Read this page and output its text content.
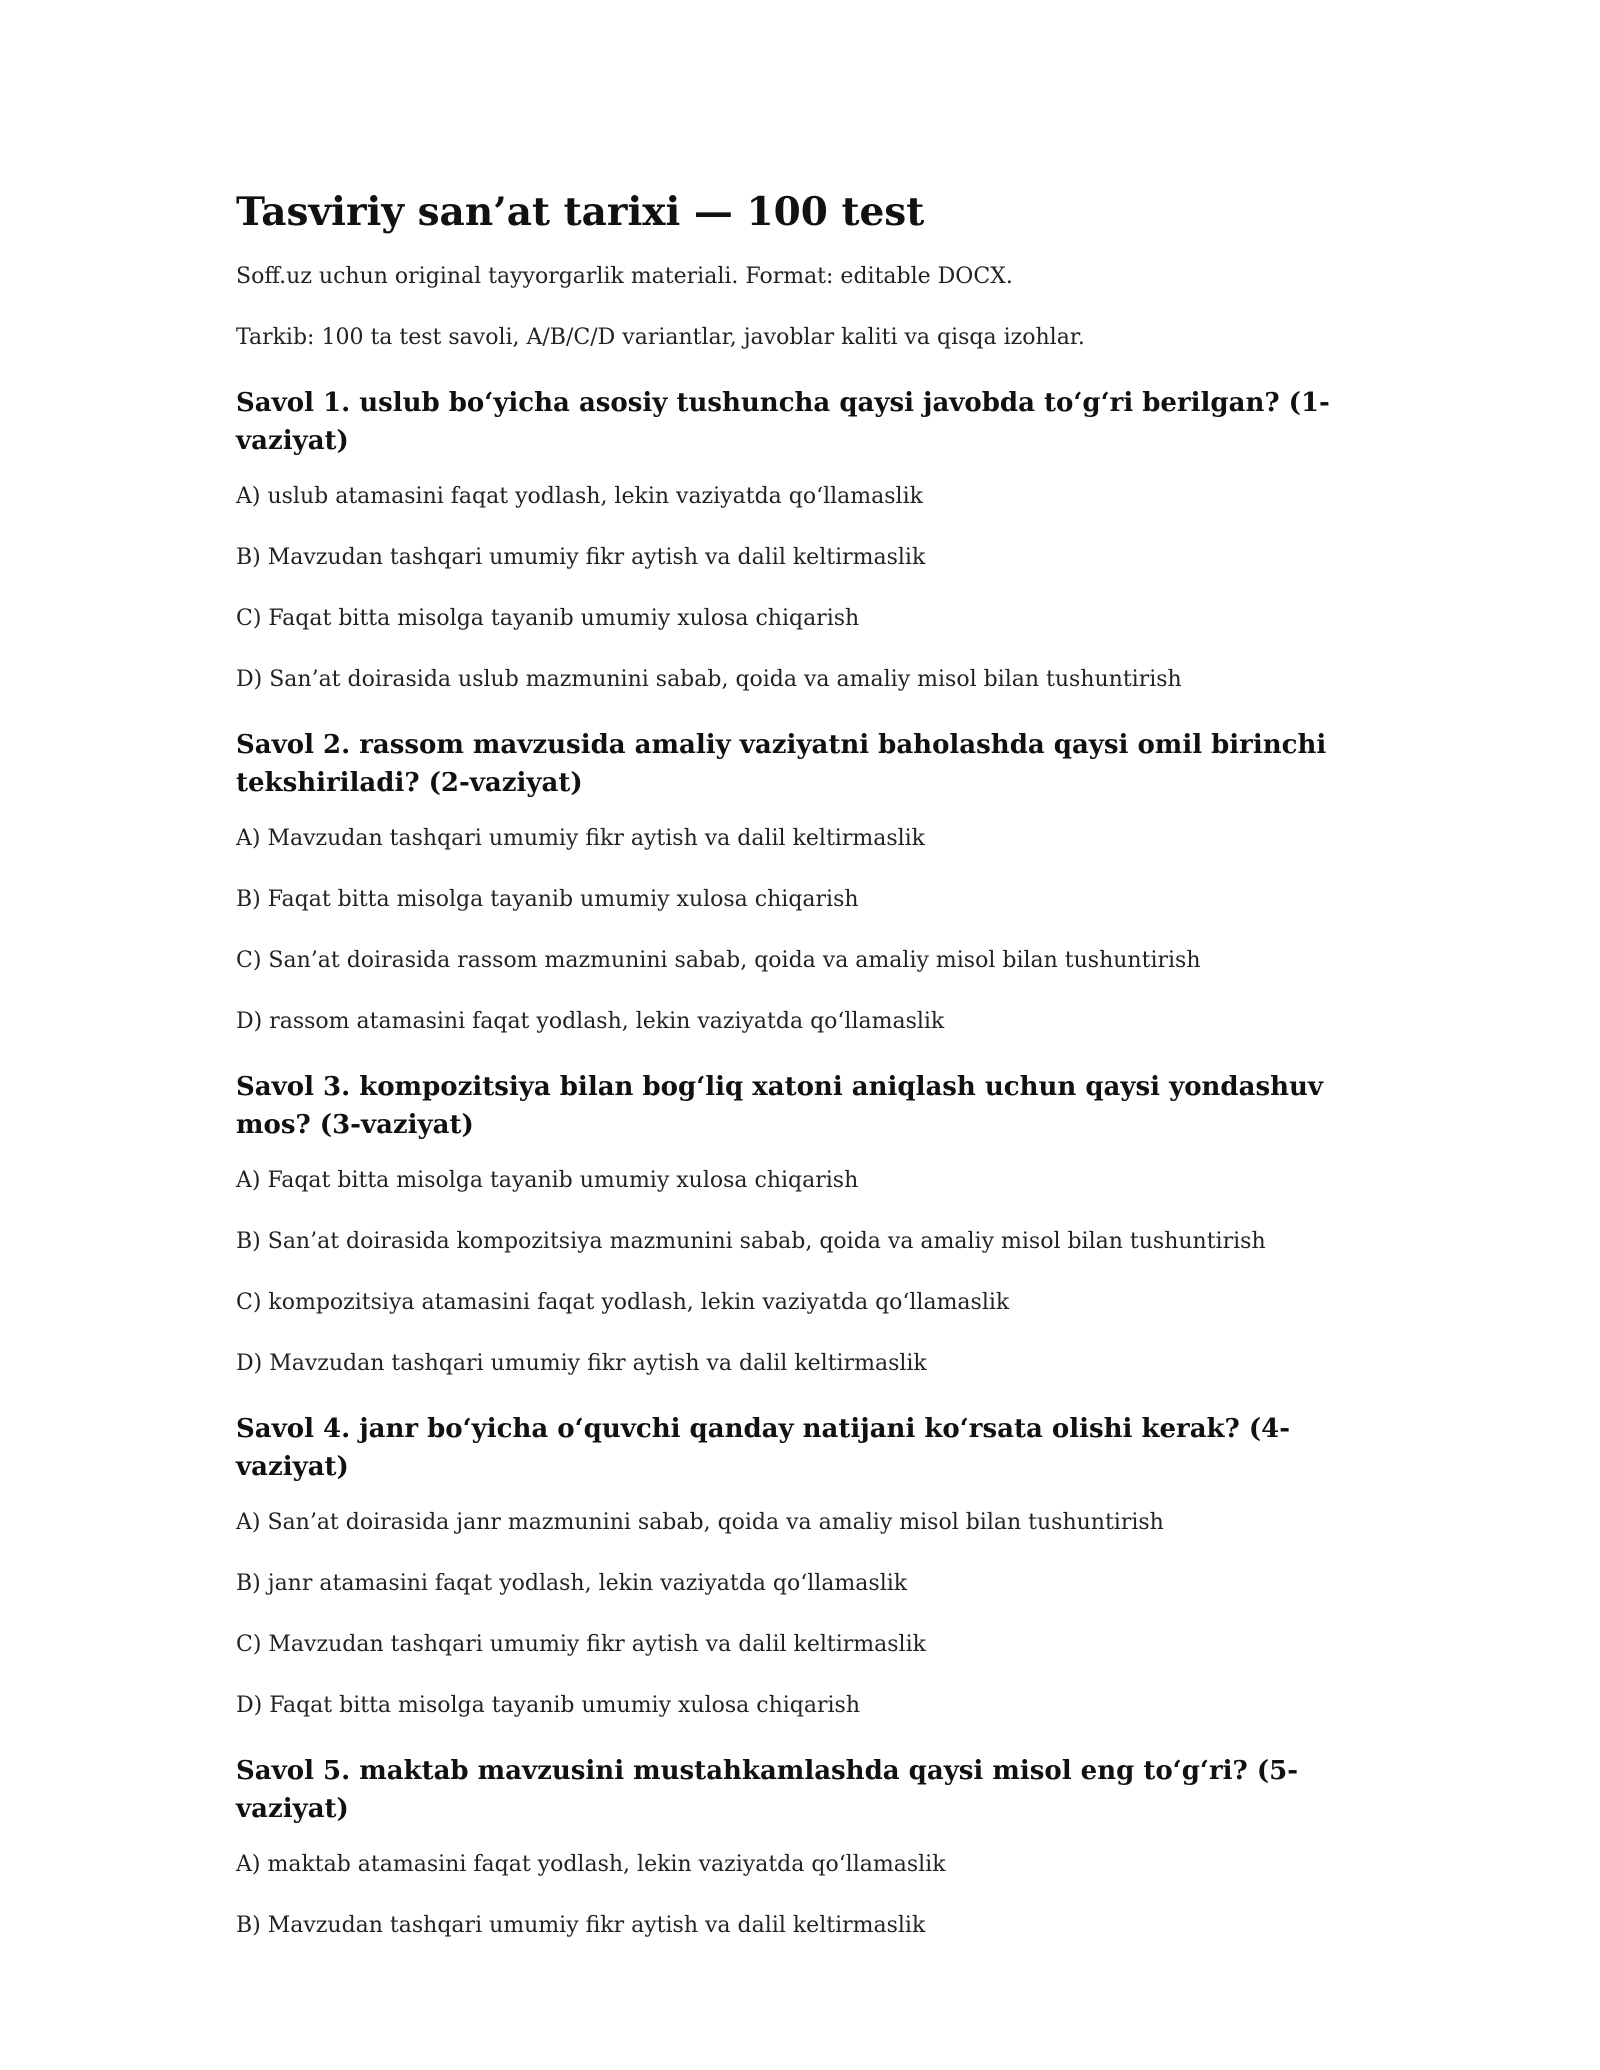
Tasviriy san’at tarixi — 100 test

Soff.uz uchun original tayyorgarlik materiali. Format: editable DOCX.

Tarkib: 100 ta test savoli, A/B/C/D variantlar, javoblar kaliti va qisqa izohlar.

Savol 1. uslub bo‘yicha asosiy tushuncha qaysi javobda to‘g‘ri berilgan? (1-vaziyat)

A) uslub atamasini faqat yodlash, lekin vaziyatda qo‘llamaslik

B) Mavzudan tashqari umumiy fikr aytish va dalil keltirmaslik

C) Faqat bitta misolga tayanib umumiy xulosa chiqarish

D) San’at doirasida uslub mazmunini sabab, qoida va amaliy misol bilan tushuntirish

Savol 2. rassom mavzusida amaliy vaziyatni baholashda qaysi omil birinchi tekshiriladi? (2-vaziyat)

A) Mavzudan tashqari umumiy fikr aytish va dalil keltirmaslik

B) Faqat bitta misolga tayanib umumiy xulosa chiqarish

C) San’at doirasida rassom mazmunini sabab, qoida va amaliy misol bilan tushuntirish

D) rassom atamasini faqat yodlash, lekin vaziyatda qo‘llamaslik

Savol 3. kompozitsiya bilan bog‘liq xatoni aniqlash uchun qaysi yondashuv mos? (3-vaziyat)

A) Faqat bitta misolga tayanib umumiy xulosa chiqarish

B) San’at doirasida kompozitsiya mazmunini sabab, qoida va amaliy misol bilan tushuntirish

C) kompozitsiya atamasini faqat yodlash, lekin vaziyatda qo‘llamaslik

D) Mavzudan tashqari umumiy fikr aytish va dalil keltirmaslik

Savol 4. janr bo‘yicha o‘quvchi qanday natijani ko‘rsata olishi kerak? (4-vaziyat)

A) San’at doirasida janr mazmunini sabab, qoida va amaliy misol bilan tushuntirish

B) janr atamasini faqat yodlash, lekin vaziyatda qo‘llamaslik

C) Mavzudan tashqari umumiy fikr aytish va dalil keltirmaslik

D) Faqat bitta misolga tayanib umumiy xulosa chiqarish

Savol 5. maktab mavzusini mustahkamlashda qaysi misol eng to‘g‘ri? (5-vaziyat)

A) maktab atamasini faqat yodlash, lekin vaziyatda qo‘llamaslik

B) Mavzudan tashqari umumiy fikr aytish va dalil keltirmaslik
